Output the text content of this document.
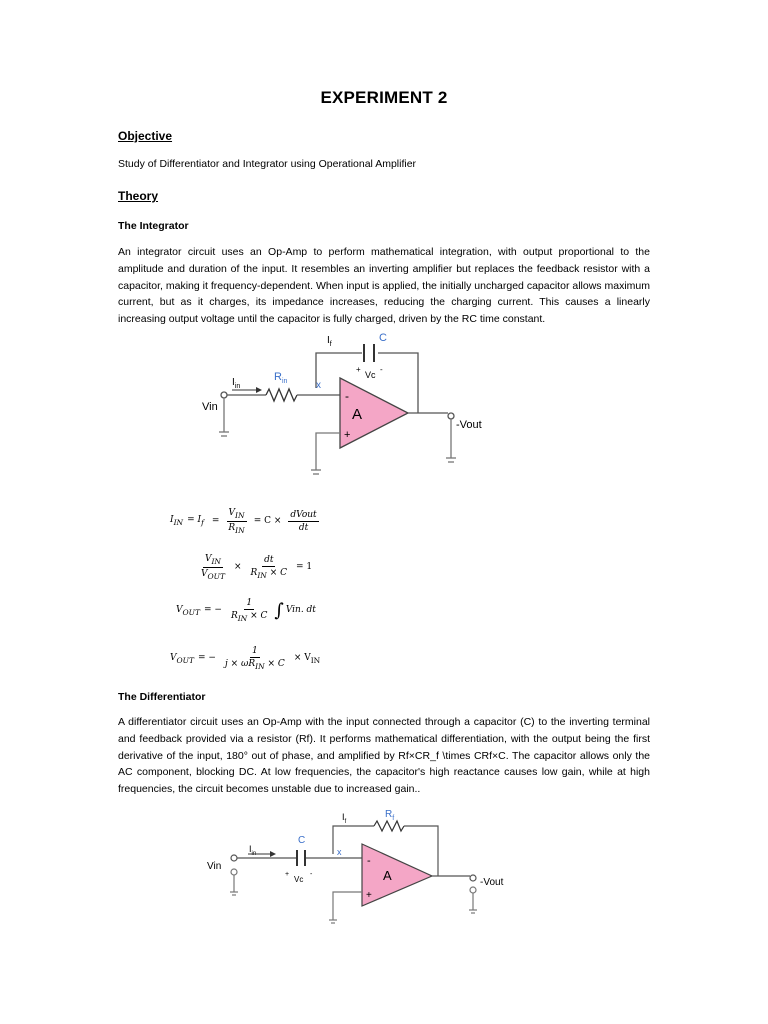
EXPERIMENT 2
Objective
Study of Differentiator and Integrator using Operational Amplifier
Theory
The Integrator
An integrator circuit uses an Op-Amp to perform mathematical integration, with output proportional to the amplitude and duration of the input. It resembles an inverting amplifier but replaces the feedback resistor with a capacitor, making it frequency-dependent. When input is applied, the initially uncharged capacitor allows maximum current, but as it charges, its impedance increases, reducing the charging current. This causes a linearly increasing output voltage until the capacitor is fully charged, driven by the RC time constant.
C
+ -
Vc
$I_f$
Vin
$I_{in}$
$R_{in}$	x
-
+
A
-Vout
$I_{IN} = I_f = \frac{V_{IN}}{R_{IN}} = C \times \frac{\text{dVout}}{dt}$
$\frac{V_{IN}}{V_{OUT}} \times \frac{dt}{R_{IN} \times C} = 1$
$V_{OUT}$ = − $\frac{1}{R_{IN} \times C}$ ∫ Vin. dt
$V_{OUT}$ = − $\frac{1}{j \times \omega R_{IN} \times C} \times V_{IN}$
The Differentiator
A differentiator circuit uses an Op-Amp with the input connected through a capacitor (C) to the inverting terminal and feedback provided via a resistor (Rf). It performs mathematical differentiation, with the output being the first derivative of the input, 180° out of phase, and amplified by Rf×CR_f \times CRf×C. The capacitor allows only the AC component, blocking DC. At low frequencies, the capacitor's high reactance causes low gain, while at high frequencies, the circuit becomes unstable due to increased gain..
$R_f$
$I_f$
C
+	-
Vc
Vin
$I_{in}$	x
-
+
A	-Vout
